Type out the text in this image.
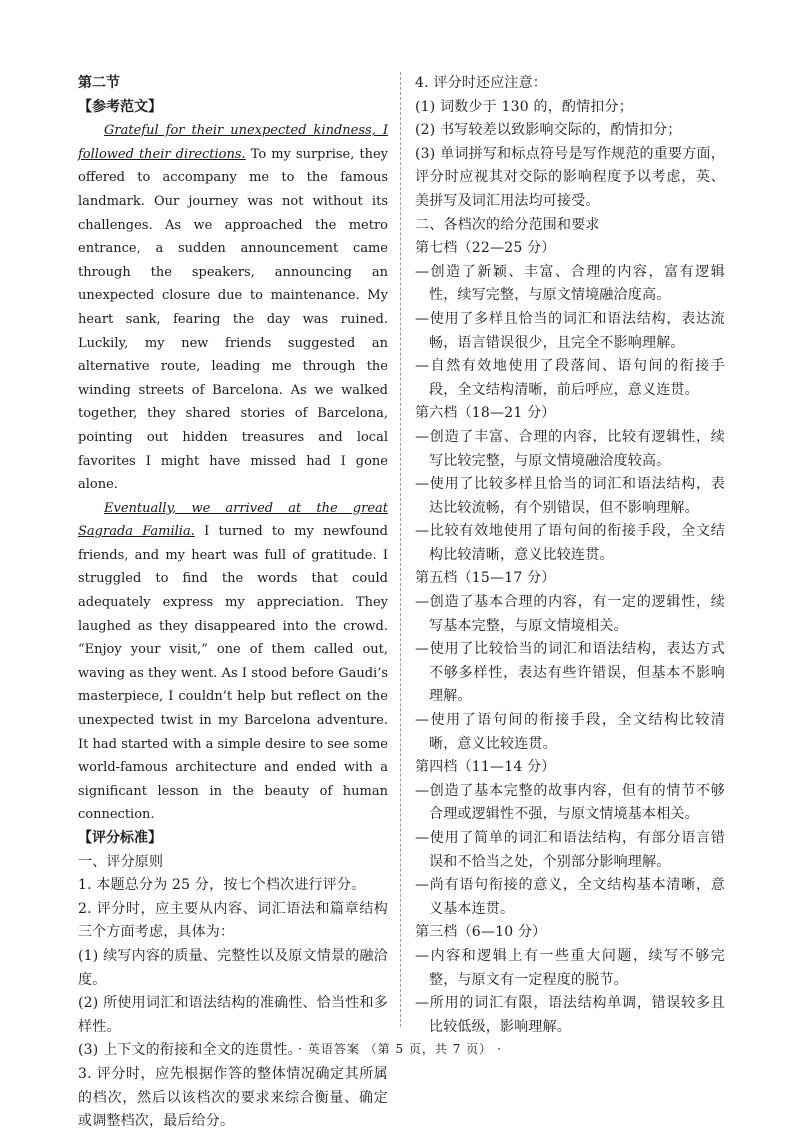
第二节
【参考范文】

Grateful for their unexpected kindness, I followed their directions. To my surprise, they offered to accompany me to the famous landmark. Our journey was not without its challenges. As we approached the metro entrance, a sudden announcement came through the speakers, announcing an unexpected closure due to maintenance. My heart sank, fearing the day was ruined. Luckily, my new friends suggested an alternative route, leading me through the winding streets of Barcelona. As we walked together, they shared stories of Barcelona, pointing out hidden treasures and local favorites I might have missed had I gone alone.

Eventually, we arrived at the great Sagrada Familia. I turned to my newfound friends, and my heart was full of gratitude. I struggled to find the words that could adequately express my appreciation. They laughed as they disappeared into the crowd. “Enjoy your visit,” one of them called out, waving as they went. As I stood before Gaudi’s masterpiece, I couldn’t help but reflect on the unexpected twist in my Barcelona adventure. It had started with a simple desire to see some world-famous architecture and ended with a significant lesson in the beauty of human connection.

【评分标准】

一、评分原则

1. 本题总分为 25 分，按七个档次进行评分。

2. 评分时，应主要从内容、词汇语法和篇章结构三个方面考虑，具体为：

(1) 续写内容的质量、完整性以及原文情景的融洽度。

(2) 所使用词汇和语法结构的准确性、恰当性和多样性。

(3) 上下文的衔接和全文的连贯性。

3. 评分时，应先根据作答的整体情况确定其所属的档次，然后以该档次的要求来综合衡量、确定或调整档次，最后给分。

4. 评分时还应注意：

(1) 词数少于 130 的，酌情扣分；

(2) 书写较差以致影响交际的，酌情扣分；

(3) 单词拼写和标点符号是写作规范的重要方面，评分时应视其对交际的影响程度予以考虑，英、美拼写及词汇用法均可接受。

二、各档次的给分范围和要求

第七档（22—25 分）

—创造了新颖、丰富、合理的内容，富有逻辑性，续写完整，与原文情境融洽度高。

—使用了多样且恰当的词汇和语法结构，表达流畅，语言错误很少，且完全不影响理解。

—自然有效地使用了段落间、语句间的衔接手段，全文结构清晰，前后呼应，意义连贯。

第六档（18—21 分）

—创造了丰富、合理的内容，比较有逻辑性，续写比较完整，与原文情境融洽度较高。

—使用了比较多样且恰当的词汇和语法结构，表达比较流畅，有个别错误，但不影响理解。

—比较有效地使用了语句间的衔接手段，全文结构比较清晰，意义比较连贯。

第五档（15—17 分）

—创造了基本合理的内容，有一定的逻辑性，续写基本完整，与原文情境相关。

—使用了比较恰当的词汇和语法结构，表达方式不够多样性，表达有些许错误，但基本不影响理解。

—使用了语句间的衔接手段，全文结构比较清晰，意义比较连贯。

第四档（11—14 分）

—创造了基本完整的故事内容，但有的情节不够合理或逻辑性不强，与原文情境基本相关。

—使用了简单的词汇和语法结构，有部分语言错误和不恰当之处，个别部分影响理解。

—尚有语句衔接的意义，全文结构基本清晰，意义基本连贯。

第三档（6—10 分）

—内容和逻辑上有一些重大问题，续写不够完整，与原文有一定程度的脱节。

—所用的词汇有限，语法结构单调，错误较多且比较低级，影响理解。

· 英语答案 （第 5 页，共 7 页） ·
